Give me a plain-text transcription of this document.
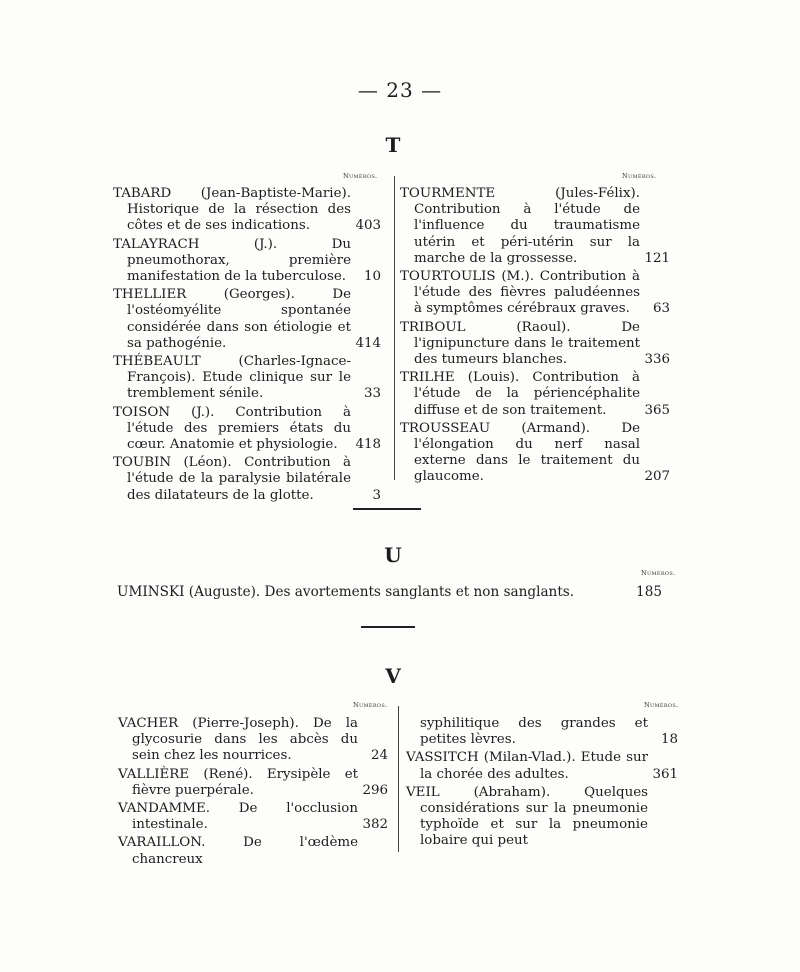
— 23 —
T
Numéros.	Numéros.
TABARD (Jean-Baptiste-Marie). Historique de la résection des côtes et de ses indications.	403
TALAYRACH (J.). Du pneumothorax, première manifestation de la tuberculose.	10
THELLIER (Georges). De l'ostéomyélite spontanée considérée dans son étiologie et sa pathogénie.	414
THÉBEAULT (Charles-Ignace-François). Etude clinique sur le tremblement sénile.	33
TOISON (J.). Contribution à l'étude des premiers états du cœur. Anatomie et physiologie.	418
TOUBIN (Léon). Contribution à l'étude de la paralysie bilatérale des dilatateurs de la glotte.	3
TOURMENTE (Jules-Félix). Contribution à l'étude de l'influence du traumatisme utérin et péri-utérin sur la marche de la grossesse.	121
TOURTOULIS (M.). Contribution à l'étude des fièvres paludéennes à symptômes cérébraux graves.	63
TRIBOUL (Raoul). De l'ignipuncture dans le traitement des tumeurs blanches.	336
TRILHE (Louis). Contribution à l'étude de la périencéphalite diffuse et de son traitement.	365
TROUSSEAU (Armand). De l'élongation du nerf nasal externe dans le traitement du glaucome.	207
U
Numéros.
UMINSKI (Auguste). Des avortements sanglants et non sanglants.	185
V
Numéros.	Numéros.
VACHER (Pierre-Joseph). De la glycosurie dans les abcès du sein chez les nourrices.	24
VALLIÈRE (René). Erysipèle et fièvre puerpérale.	296
VANDAMME. De l'occlusion intestinale.	382
VARAILLON. De l'œdème chancreux
syphilitique des grandes et petites lèvres.	18
VASSITCH (Milan-Vlad.). Etude sur la chorée des adultes.	361
VEIL (Abraham). Quelques considérations sur la pneumonie typhoïde et sur la pneumonie lobaire qui peut
